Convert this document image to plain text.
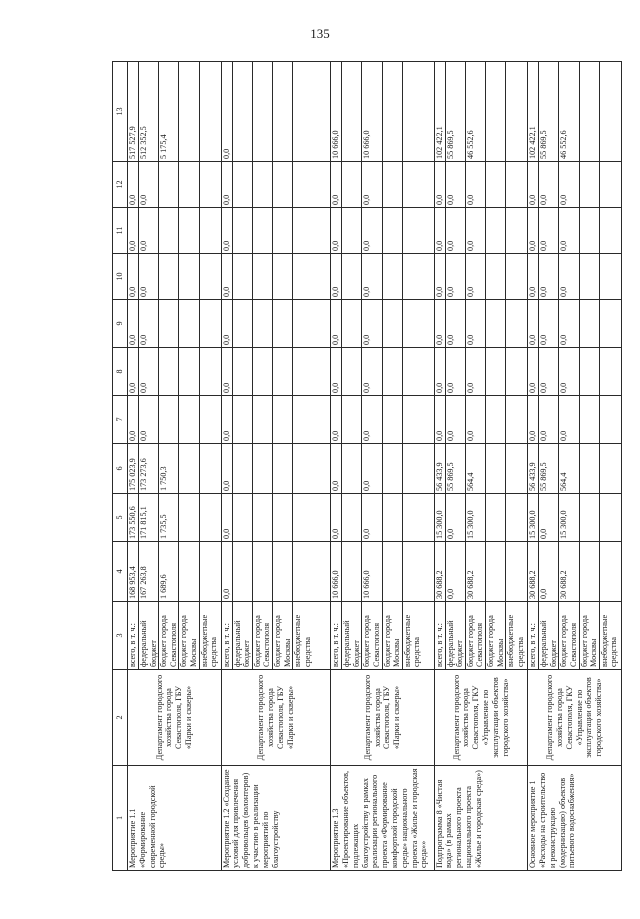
135
1	2	3	4	5	6	7	8	9	10	11	12	13
Мероприятие 1.1 «Формирование современной городской среды»	Департамент городского хозяйства города Севастополя, ГБУ «Парки и скверы»	всего, в т. ч.:	168 953,4	173 550,6	175 023,9	0,0	0,0	0,0	0,0	0,0	0,0	517 527,9
		федеральный бюджет	167 263,8	171 815,1	173 273,6	0,0	0,0	0,0	0,0	0,0	0,0	512 352,5
		бюджет города Севастополя	1 689,6	1 735,5	1 750,3							5 175,4
		бюджет города Москвы										
		внебюджетные средства										
Мероприятие 1.2 «Создание условий для привлечения добровольцев (волонтеров) к участию в реализации мероприятий по благоустройству	Департамент городского хозяйства города Севастополя, ГБУ «Парки и скверы»	всего, в т. ч.:	0,0	0,0	0,0	0,0	0,0	0,0	0,0	0,0	0,0	0,0
		федеральный бюджет										
		бюджет города Севастополя										
		бюджет города Москвы										
		внебюджетные средства										
Мероприятие 1.3 «Проектирование объектов, подлежащих благоустройству в рамках реализации регионального проекта «Формирование комфортной городской среды» национального проекта «Жилье и городская среда»»	Департамент городского хозяйства города Севастополя, ГБУ «Парки и скверы»	всего, в т. ч.:	10 666,0	0,0	0,0	0,0	0,0	0,0	0,0	0,0	0,0	10 666,0
		федеральный бюджет										
		бюджет города Севастополя	10 666,0	0,0	0,0	0,0	0,0	0,0	0,0	0,0	0,0	10 666,0
		бюджет города Москвы										
		внебюджетные средства										
Подпрограмма 8 «Чистая вода» (в рамках регионального проекта национального проекта «Жилье и городская среда»)	Департамент городского хозяйства города Севастополя, ГКУ «Управление по эксплуатации объектов городского хозяйства»	всего, в т. ч.:	30 688,2	15 300,0	56 433,9	0,0	0,0	0,0	0,0	0,0	0,0	102 422,1
		федеральный бюджет	0,0	0,0	55 869,5	0,0	0,0	0,0	0,0	0,0	0,0	55 869,5
		бюджет города Севастополя	30 688,2	15 300,0	564,4	0,0	0,0	0,0	0,0	0,0	0,0	46 552,6
		бюджет города Москвы										
		внебюджетные средства										
Основное мероприятие 1 «Расходы на строительство и реконструкцию (модернизацию) объектов питьевого водоснабжения»	Департамент городского хозяйства города Севастополя, ГКУ «Управление по эксплуатации объектов городского хозяйства»	всего, в т. ч.:	30 688,2	15 300,0	56 433,9	0,0	0,0	0,0	0,0	0,0	0,0	102 422,1
		федеральный бюджет	0,0	0,0	55 869,5	0,0	0,0	0,0	0,0	0,0	0,0	55 869,5
		бюджет города Севастополя	30 688,2	15 300,0	564,4	0,0	0,0	0,0	0,0	0,0	0,0	46 552,6
		бюджет города Москвы										
		внебюджетные средства										
